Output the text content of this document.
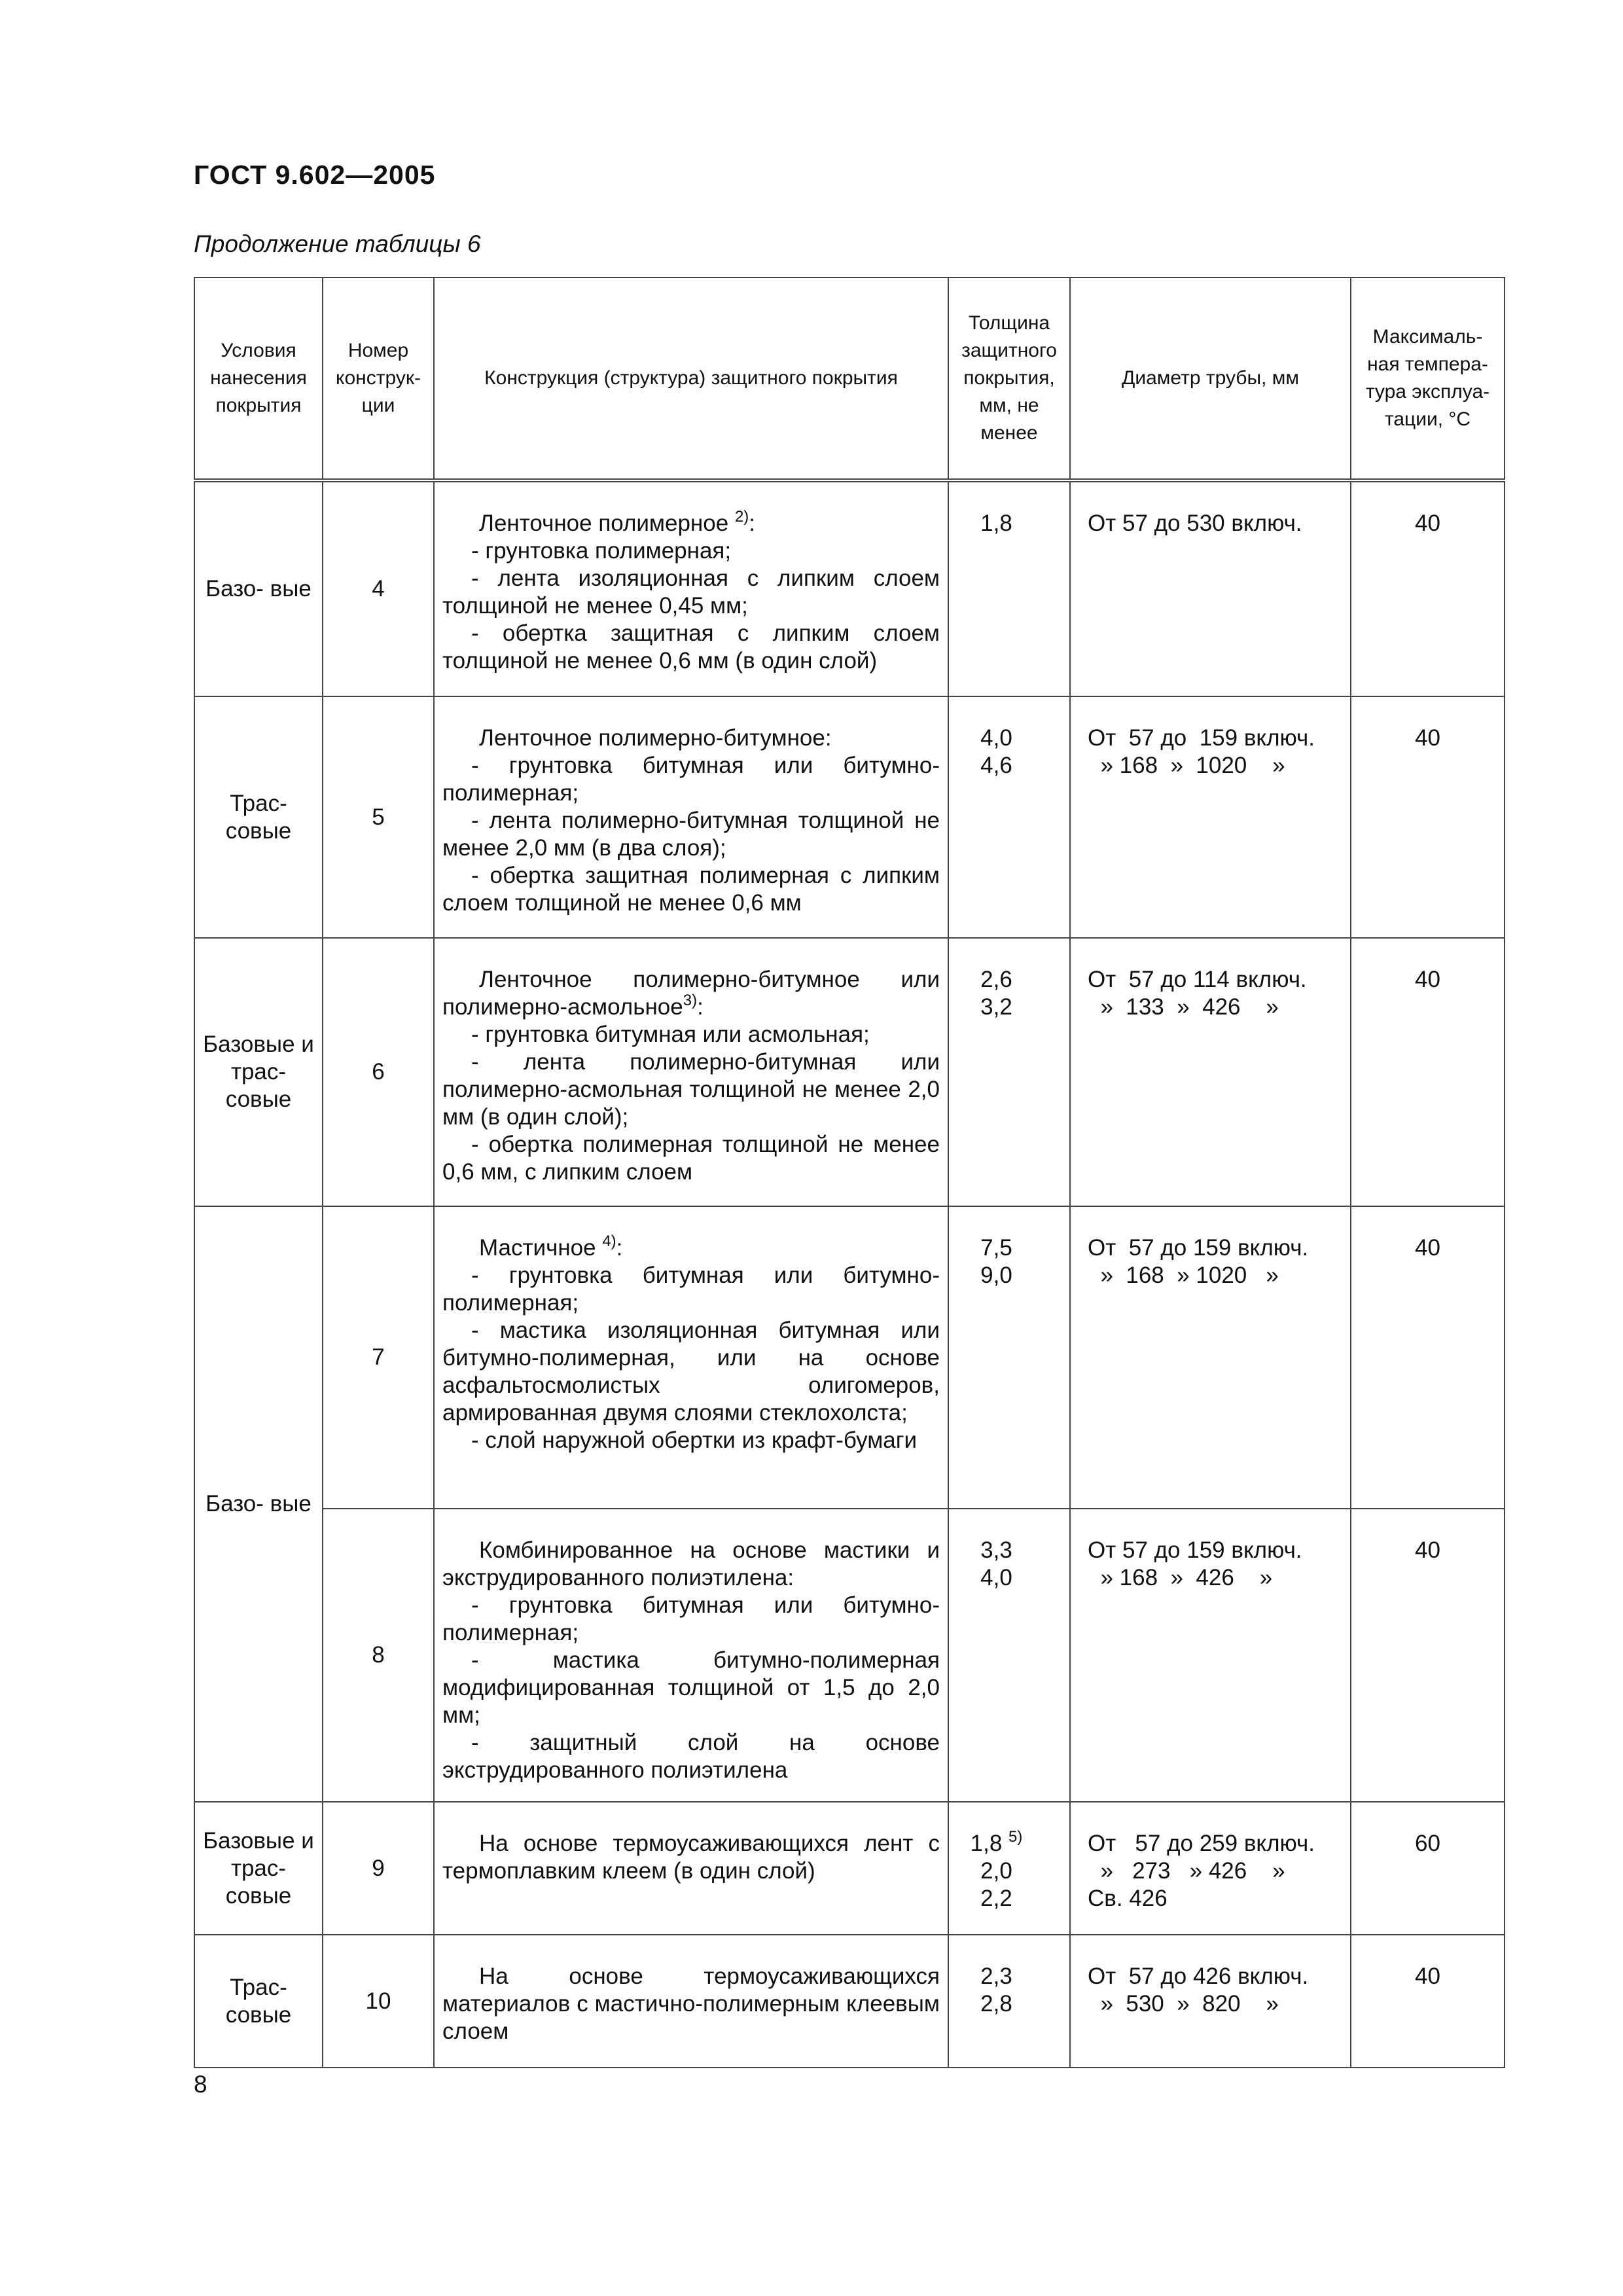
ГОСТ 9.602—2005
Продолжение таблицы 6
Условия нанесения покрытия	Номер конструк- ции	Конструкция (структура) защитного покрытия	Толщина защитного покрытия, мм, не менее	Диаметр трубы, мм	Максималь- ная темпера- тура эксплуа- тации, °С
Базо- вые	4	Ленточное полимерное $^{2)}$:
- грунтовка полимерная;
- лента изоляционная с липким слоем толщиной не менее 0,45 мм;
- обертка защитная с липким слоем толщиной не менее 0,6 мм (в один слой)	1,8	От 57 до 530 включ.	40
Трас- совые	5	Ленточное полимерно-битумное:
- грунтовка битумная или битумно-полимерная;
- лента полимерно-битумная толщиной не менее 2,0 мм (в два слоя);
- обертка защитная полимерная с липким слоем толщиной не менее 0,6 мм	4,0
4,6	От  57 до  159 включ.
» 168  »  1020    »	40
Базовые и трас- совые	6	Ленточное полимерно-битумное или полимерно-асмольное$^{3)}$:
- грунтовка битумная или асмольная;
- лента полимерно-битумная или полимерно-асмольная толщиной не менее 2,0 мм (в один слой);
- обертка полимерная толщиной не менее 0,6 мм, с липким слоем	2,6
3,2	От  57 до 114 включ.
»  133  »  426    »	40
Базо- вые	7	Мастичное $^{4)}$:
- грунтовка битумная или битумно-полимерная;
- мастика изоляционная битумная или битумно-полимерная, или на основе асфальтосмолистых олигомеров, армированная двумя слоями стеклохолста;
- слой наружной обертки из крафт-бумаги	7,5
9,0	От  57 до 159 включ.
»  168  » 1020   »	40
	8	Комбинированное на основе мастики и экструдированного полиэтилена:
- грунтовка битумная или битумно-полимерная;
- мастика битумно-полимерная модифицированная толщиной от 1,5 до 2,0 мм;
- защитный слой на основе экструдированного полиэтилена	3,3
4,0	От 57 до 159 включ.
» 168  »  426    »	40
Базовые и трас- совые	9	На основе термоусаживающихся лент с термоплавким клеем (в один слой)	1,8 $^{5)}$
2,0
2,2	От   57 до 259 включ.
»   273   » 426    »
Св. 426	60
Трас- совые	10	На основе термоусаживающихся материалов с мастично-полимерным клеевым слоем	2,3
2,8	От  57 до 426 включ.
»  530  »  820    »	40
8
